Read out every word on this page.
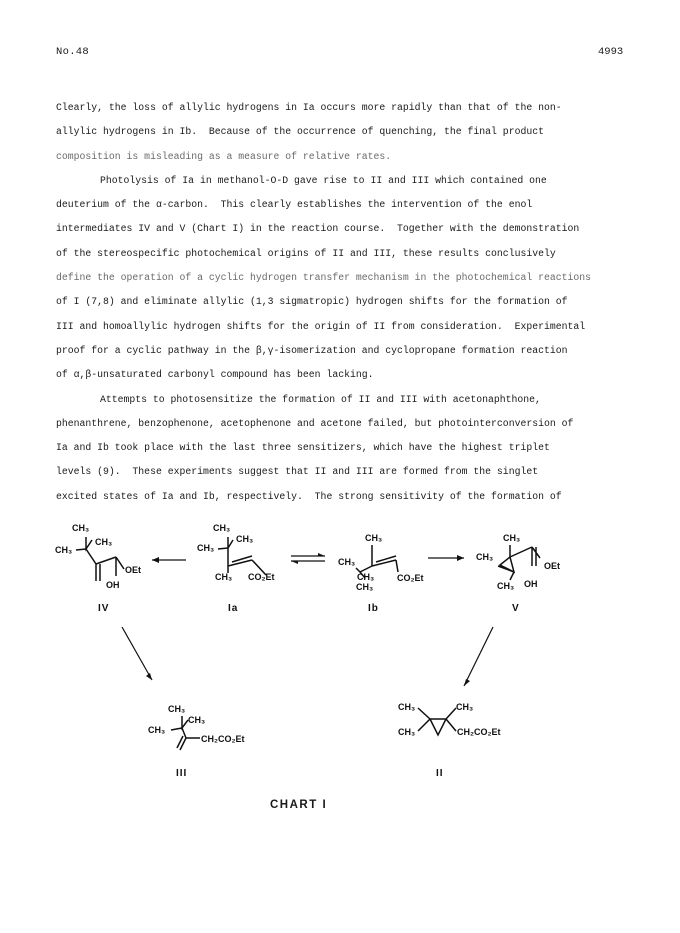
No.48	4993
Clearly, the loss of allylic hydrogens in Ia occurs more rapidly than that of the non-
allylic hydrogens in Ib.  Because of the occurrence of quenching, the final product
composition is misleading as a measure of relative rates.
Photolysis of Ia in methanol-O-D gave rise to II and III which contained one
deuterium of the α-carbon.  This clearly establishes the intervention of the enol
intermediates IV and V (Chart I) in the reaction course.  Together with the demonstration
of the stereospecific photochemical origins of II and III, these results conclusively
define the operation of a cyclic hydrogen transfer mechanism in the photochemical reactions
of I (7,8) and eliminate allylic (1,3 sigmatropic) hydrogen shifts for the formation of
III and homoallylic hydrogen shifts for the origin of II from consideration.  Experimental
proof for a cyclic pathway in the β,γ-isomerization and cyclopropane formation reaction
of α,β-unsaturated carbonyl compound has been lacking.
Attempts to photosensitize the formation of II and III with acetonaphthone,
phenanthrene, benzophenone, acetophenone and acetone failed, but photointerconversion of
Ia and Ib took place with the last three sensitizers, which have the highest triplet
levels (9).  These experiments suggest that II and III are formed from the singlet
excited states of Ia and Ib, respectively.  The strong sensitivity of the formation of
CH₃
CH₃
CH₃
OEt
OH
IV
CH₃
CH₃
CH₃
CH₃ CO₂Et
Ia
CH₃
CH₃
CH₃
CH₃
CO₂Et
Ib
CH₃
CH₃
OEt
CH₃ OH
V
CH₃
CH₃
CH₃
CH₂CO₂Et
III
CH₃	CH₃
CH₃	CH₂CO₂Et
II
CHART I
